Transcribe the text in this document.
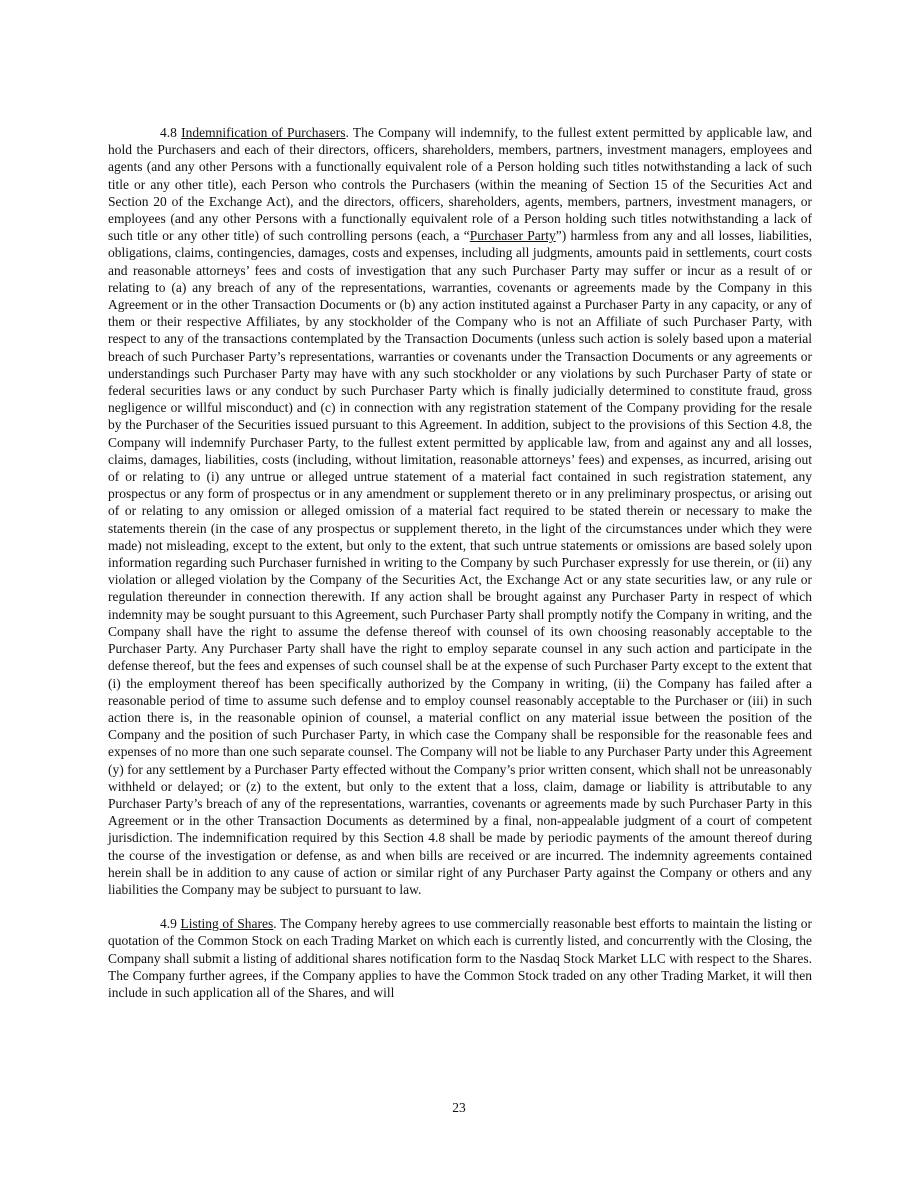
4.8 Indemnification of Purchasers. The Company will indemnify, to the fullest extent permitted by applicable law, and hold the Purchasers and each of their directors, officers, shareholders, members, partners, investment managers, employees and agents (and any other Persons with a functionally equivalent role of a Person holding such titles notwithstanding a lack of such title or any other title), each Person who controls the Purchasers (within the meaning of Section 15 of the Securities Act and Section 20 of the Exchange Act), and the directors, officers, shareholders, agents, members, partners, investment managers, or employees (and any other Persons with a functionally equivalent role of a Person holding such titles notwithstanding a lack of such title or any other title) of such controlling persons (each, a “Purchaser Party”) harmless from any and all losses, liabilities, obligations, claims, contingencies, damages, costs and expenses, including all judgments, amounts paid in settlements, court costs and reasonable attorneys’ fees and costs of investigation that any such Purchaser Party may suffer or incur as a result of or relating to (a) any breach of any of the representations, warranties, covenants or agreements made by the Company in this Agreement or in the other Transaction Documents or (b) any action instituted against a Purchaser Party in any capacity, or any of them or their respective Affiliates, by any stockholder of the Company who is not an Affiliate of such Purchaser Party, with respect to any of the transactions contemplated by the Transaction Documents (unless such action is solely based upon a material breach of such Purchaser Party’s representations, warranties or covenants under the Transaction Documents or any agreements or understandings such Purchaser Party may have with any such stockholder or any violations by such Purchaser Party of state or federal securities laws or any conduct by such Purchaser Party which is finally judicially determined to constitute fraud, gross negligence or willful misconduct) and (c) in connection with any registration statement of the Company providing for the resale by the Purchaser of the Securities issued pursuant to this Agreement. In addition, subject to the provisions of this Section 4.8, the Company will indemnify Purchaser Party, to the fullest extent permitted by applicable law, from and against any and all losses, claims, damages, liabilities, costs (including, without limitation, reasonable attorneys’ fees) and expenses, as incurred, arising out of or relating to (i) any untrue or alleged untrue statement of a material fact contained in such registration statement, any prospectus or any form of prospectus or in any amendment or supplement thereto or in any preliminary prospectus, or arising out of or relating to any omission or alleged omission of a material fact required to be stated therein or necessary to make the statements therein (in the case of any prospectus or supplement thereto, in the light of the circumstances under which they were made) not misleading, except to the extent, but only to the extent, that such untrue statements or omissions are based solely upon information regarding such Purchaser furnished in writing to the Company by such Purchaser expressly for use therein, or (ii) any violation or alleged violation by the Company of the Securities Act, the Exchange Act or any state securities law, or any rule or regulation thereunder in connection therewith. If any action shall be brought against any Purchaser Party in respect of which indemnity may be sought pursuant to this Agreement, such Purchaser Party shall promptly notify the Company in writing, and the Company shall have the right to assume the defense thereof with counsel of its own choosing reasonably acceptable to the Purchaser Party. Any Purchaser Party shall have the right to employ separate counsel in any such action and participate in the defense thereof, but the fees and expenses of such counsel shall be at the expense of such Purchaser Party except to the extent that (i) the employment thereof has been specifically authorized by the Company in writing, (ii) the Company has failed after a reasonable period of time to assume such defense and to employ counsel reasonably acceptable to the Purchaser or (iii) in such action there is, in the reasonable opinion of counsel, a material conflict on any material issue between the position of the Company and the position of such Purchaser Party, in which case the Company shall be responsible for the reasonable fees and expenses of no more than one such separate counsel. The Company will not be liable to any Purchaser Party under this Agreement (y) for any settlement by a Purchaser Party effected without the Company’s prior written consent, which shall not be unreasonably withheld or delayed; or (z) to the extent, but only to the extent that a loss, claim, damage or liability is attributable to any Purchaser Party’s breach of any of the representations, warranties, covenants or agreements made by such Purchaser Party in this Agreement or in the other Transaction Documents as determined by a final, non-appealable judgment of a court of competent jurisdiction. The indemnification required by this Section 4.8 shall be made by periodic payments of the amount thereof during the course of the investigation or defense, as and when bills are received or are incurred. The indemnity agreements contained herein shall be in addition to any cause of action or similar right of any Purchaser Party against the Company or others and any liabilities the Company may be subject to pursuant to law.

4.9 Listing of Shares. The Company hereby agrees to use commercially reasonable best efforts to maintain the listing or quotation of the Common Stock on each Trading Market on which each is currently listed, and concurrently with the Closing, the Company shall submit a listing of additional shares notification form to the Nasdaq Stock Market LLC with respect to the Shares. The Company further agrees, if the Company applies to have the Common Stock traded on any other Trading Market, it will then include in such application all of the Shares, and will

23
